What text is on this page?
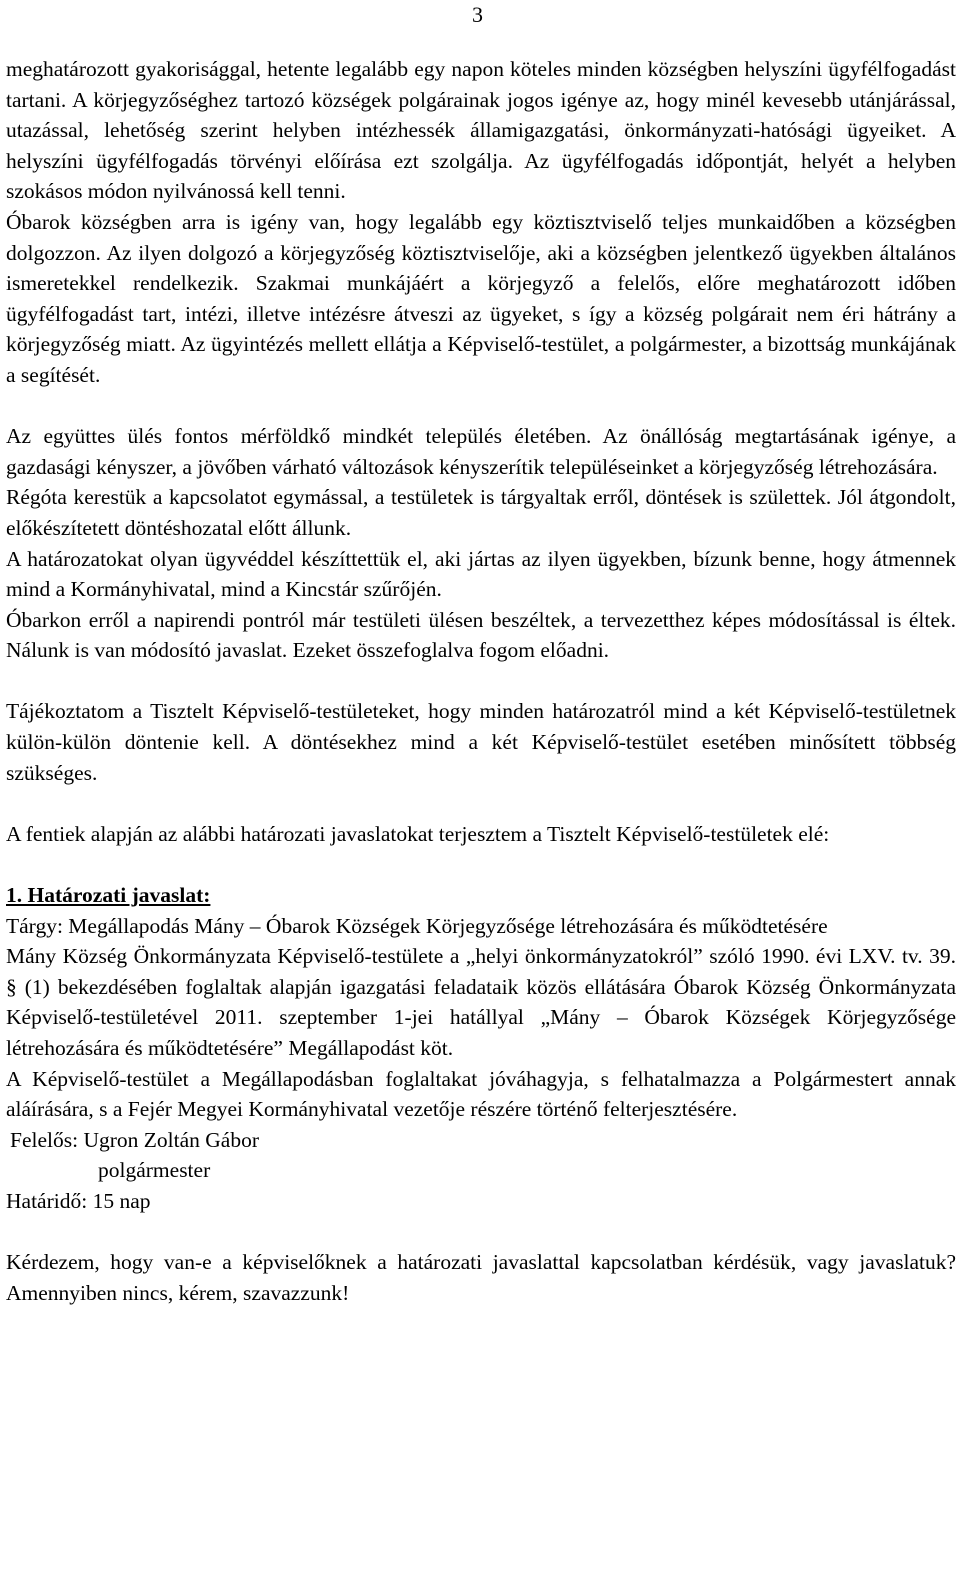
3

meghatározott gyakorisággal, hetente legalább egy napon köteles minden községben helyszíni ügyfélfogadást tartani. A körjegyzőséghez tartozó községek polgárainak jogos igénye az, hogy minél kevesebb utánjárással, utazással, lehetőség szerint helyben intézhessék államigazgatási, önkormányzati-hatósági ügyeiket. A helyszíni ügyfélfogadás törvényi előírása ezt szolgálja. Az ügyfélfogadás időpontját, helyét a helyben szokásos módon nyilvánossá kell tenni.

Óbarok községben arra is igény van, hogy legalább egy köztisztviselő teljes munkaidőben a községben dolgozzon. Az ilyen dolgozó a körjegyzőség köztisztviselője, aki a községben jelentkező ügyekben általános ismeretekkel rendelkezik. Szakmai munkájáért a körjegyző a felelős, előre meghatározott időben ügyfélfogadást tart, intézi, illetve intézésre átveszi az ügyeket, s így a község polgárait nem éri hátrány a körjegyzőség miatt. Az ügyintézés mellett ellátja a Képviselő-testület, a polgármester, a bizottság munkájának a segítését.

Az együttes ülés fontos mérföldkő mindkét település életében. Az önállóság megtartásának igénye, a gazdasági kényszer, a jövőben várható változások kényszerítik településeinket a körjegyzőség létrehozására.

Régóta kerestük a kapcsolatot egymással, a testületek is tárgyaltak erről, döntések is születtek. Jól átgondolt, előkészítetett döntéshozatal előtt állunk.

A határozatokat olyan ügyvéddel készíttettük el, aki jártas az ilyen ügyekben, bízunk benne, hogy átmennek mind a Kormányhivatal, mind a Kincstár szűrőjén.

Óbarkon erről a napirendi pontról már testületi ülésen beszéltek, a tervezetthez képes módosítással is éltek. Nálunk is van módosító javaslat. Ezeket összefoglalva fogom előadni.

Tájékoztatom a Tisztelt Képviselő-testületeket, hogy minden határozatról mind a két Képviselő-testületnek külön-külön döntenie kell. A döntésekhez mind a két Képviselő-testület esetében minősített többség szükséges.

A fentiek alapján az alábbi határozati javaslatokat terjesztem a Tisztelt Képviselő-testületek elé:

1. Határozati javaslat:

Tárgy: Megállapodás Mány – Óbarok Községek Körjegyzősége létrehozására és működtetésére

Mány Község Önkormányzata Képviselő-testülete a „helyi önkormányzatokról” szóló 1990. évi LXV. tv. 39. § (1) bekezdésében foglaltak alapján igazgatási feladataik közös ellátására Óbarok Község Önkormányzata Képviselő-testületével 2011. szeptember 1-jei hatállyal „Mány – Óbarok Községek Körjegyzősége létrehozására és működtetésére” Megállapodást köt.

A Képviselő-testület a Megállapodásban foglaltakat jóváhagyja, s felhatalmazza a Polgármestert annak aláírására, s a Fejér Megyei Kormányhivatal vezetője részére történő felterjesztésére.

Felelős: Ugron Zoltán Gábor

polgármester

Határidő: 15 nap

Kérdezem, hogy van-e a képviselőknek a határozati javaslattal kapcsolatban kérdésük, vagy javaslatuk? Amennyiben nincs, kérem, szavazzunk!
